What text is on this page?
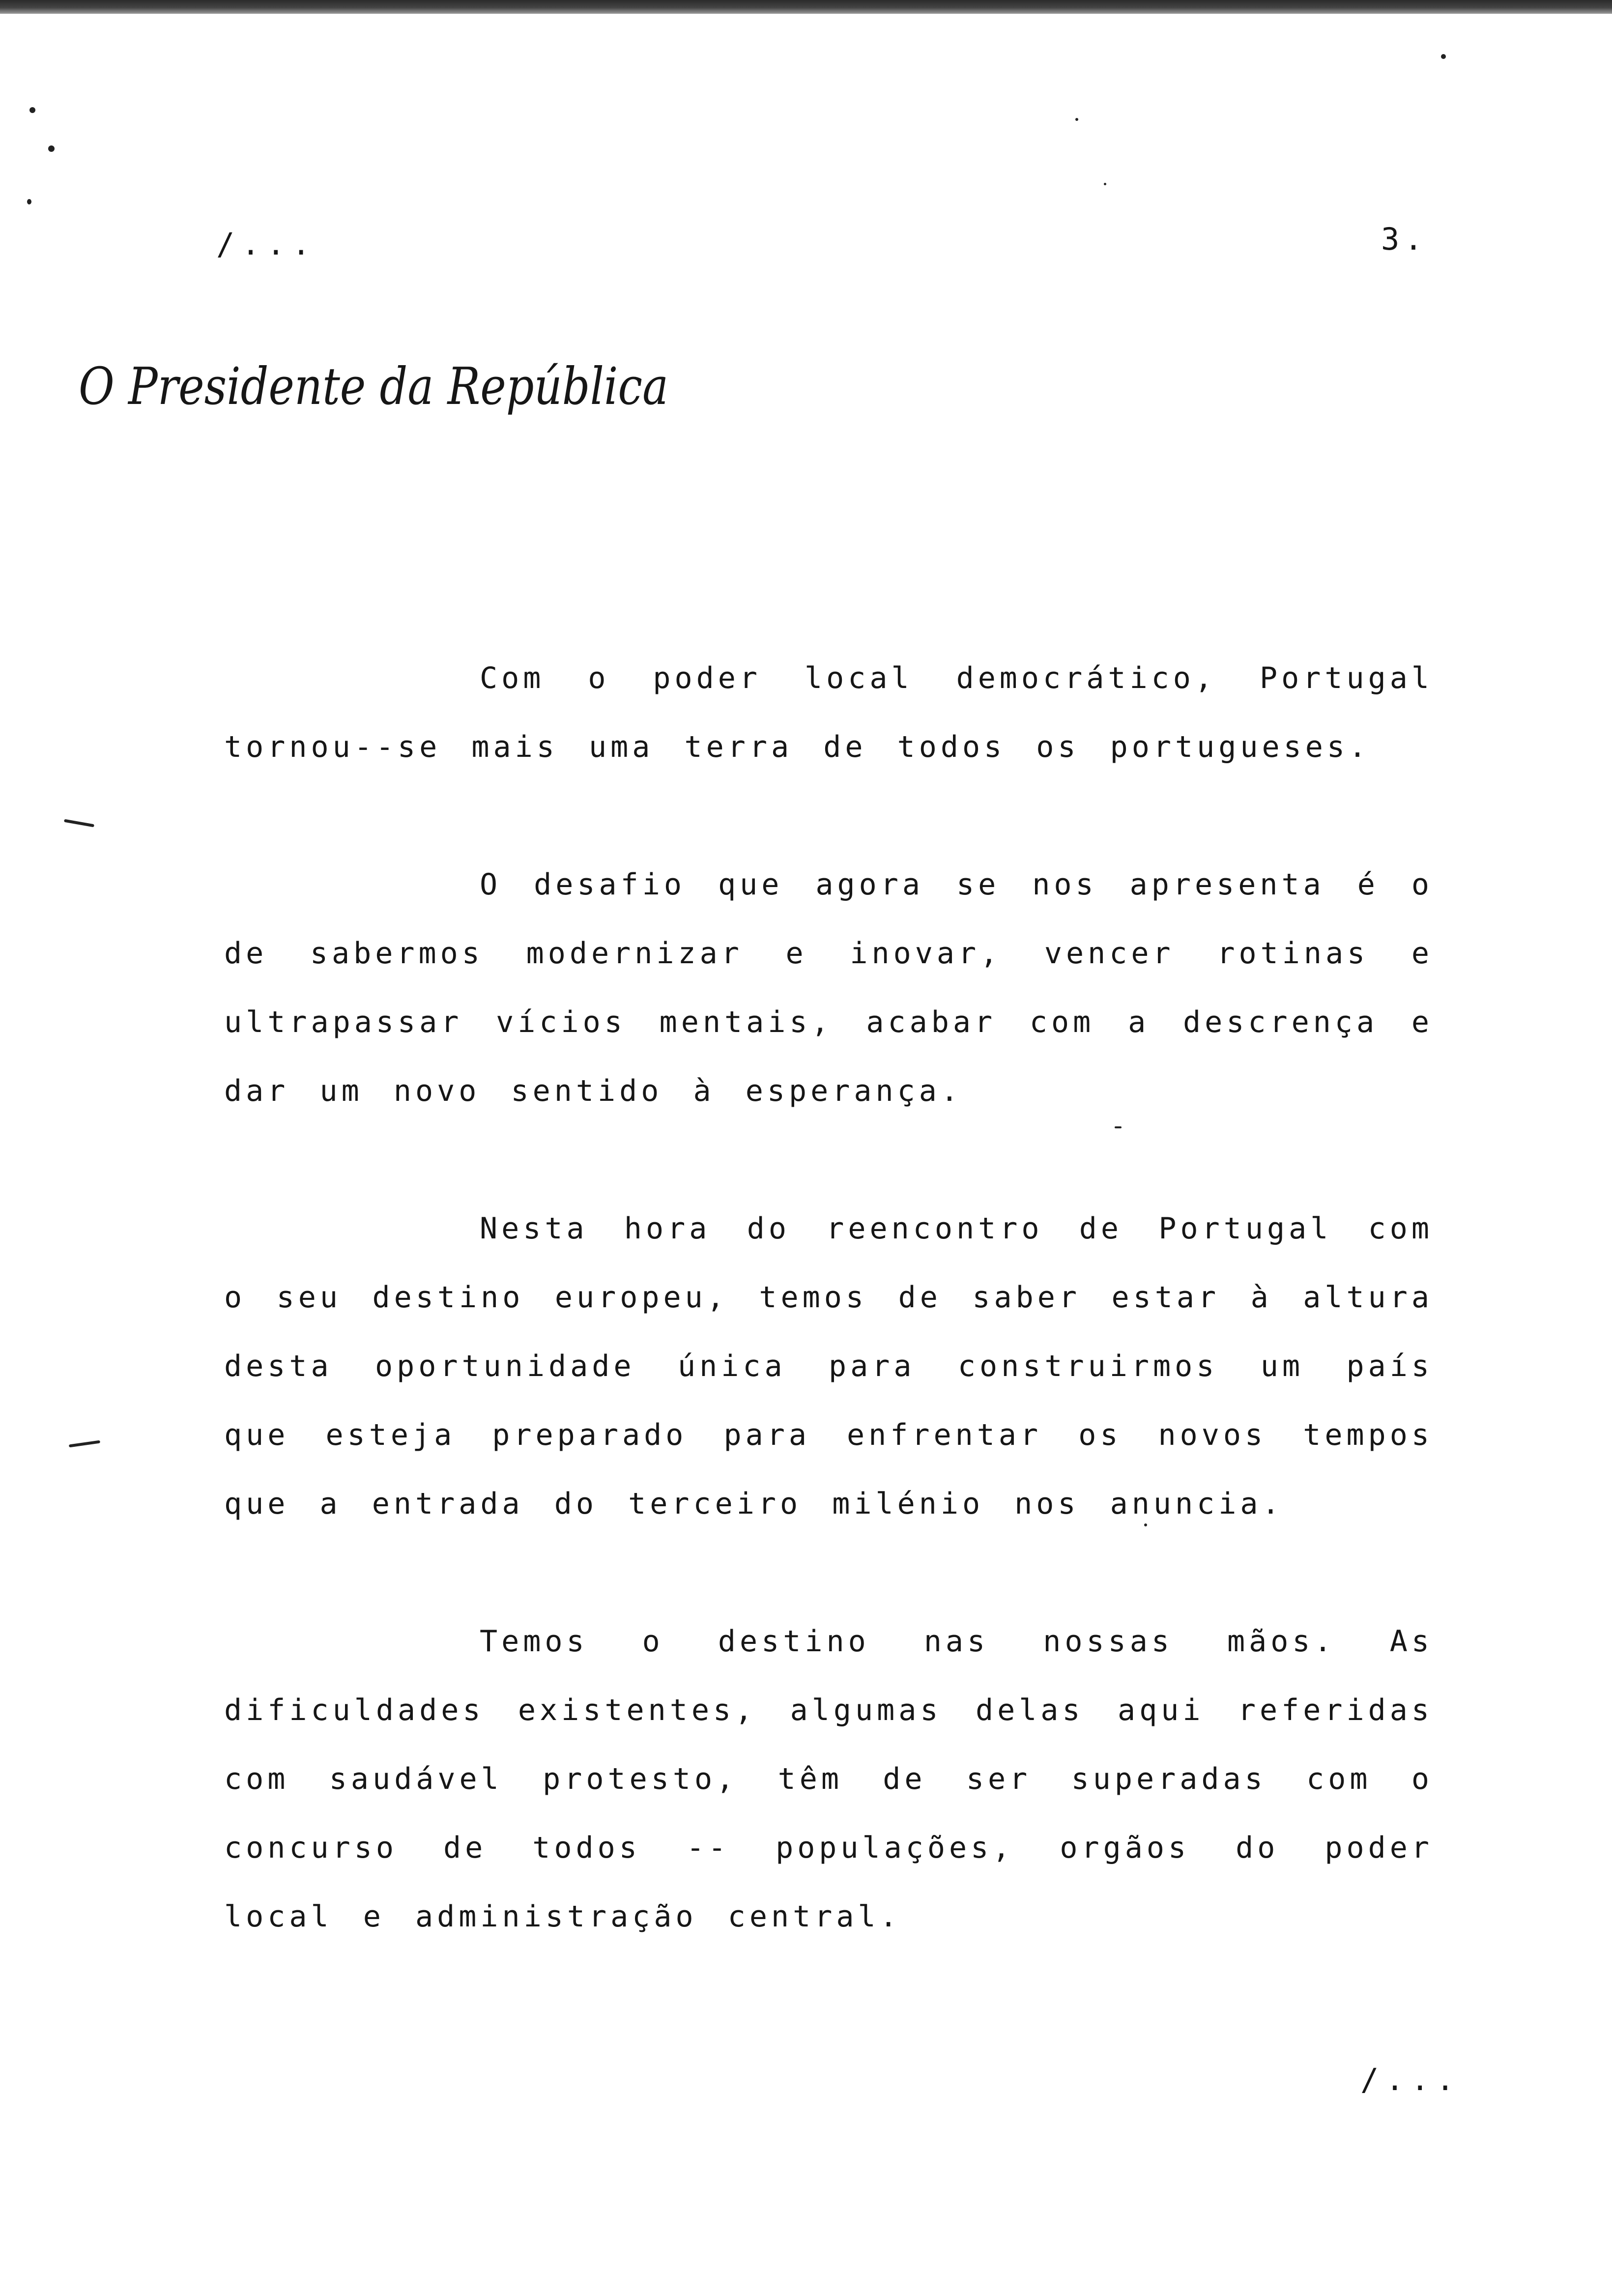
/...	3.
O Presidente da República

Com o poder local democrático, Portugal tornou--se mais uma terra de todos os portugueses.

O desafio que agora se nos apresenta é o de sabermos modernizar e inovar, vencer rotinas e ultrapassar vícios mentais, acabar com a descrença e dar um novo sentido à esperança.

Nesta hora do reencontro de Portugal com o seu destino europeu, temos de saber estar à altura desta oportunidade única para construirmos um país que esteja preparado para enfrentar os novos tempos que a entrada do terceiro milénio nos anuncia.

Temos o destino nas nossas mãos. As dificuldades existentes, algumas delas aqui referidas com saudável protesto, têm de ser superadas com o concurso de todos -- populações, orgãos do poder local e administração central.

/...
